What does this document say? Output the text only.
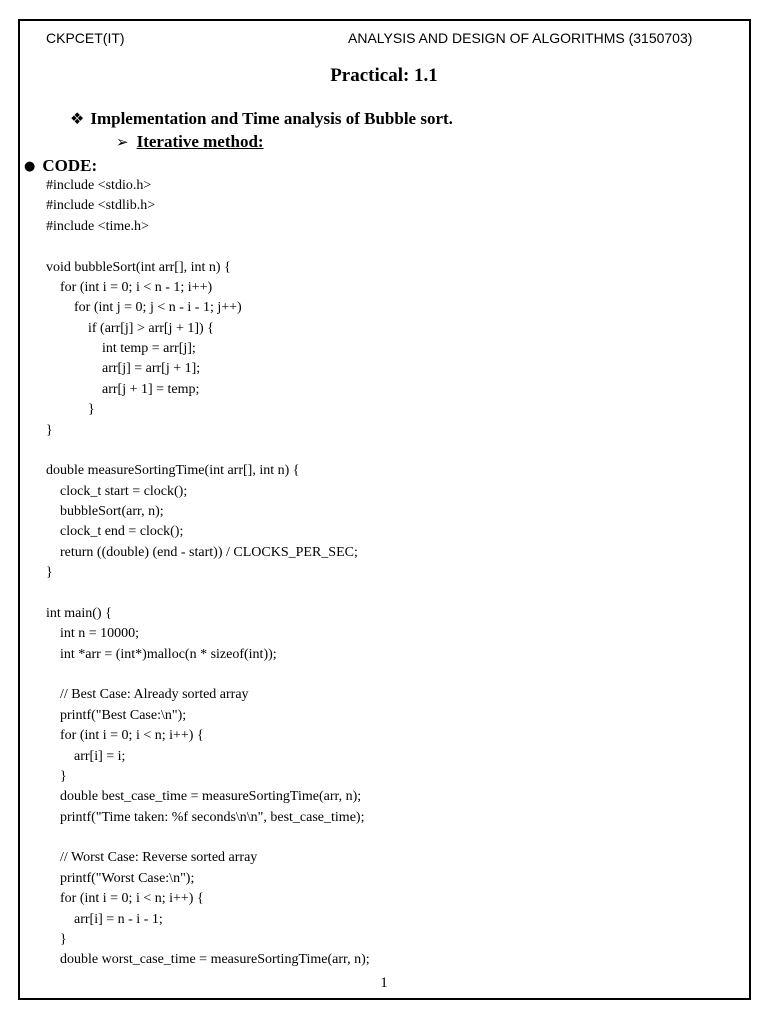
CKPCET(IT)	ANALYSIS AND DESIGN OF ALGORITHMS (3150703)
Practical: 1.1
❖ Implementation and Time analysis of Bubble sort.
➢ Iterative method:
● CODE:
#include <stdio.h>
#include <stdlib.h>
#include <time.h>

void bubbleSort(int arr[], int n) {
for (int i = 0; i < n - 1; i++)
for (int j = 0; j < n - i - 1; j++)
if (arr[j] > arr[j + 1]) {
int temp = arr[j];
arr[j] = arr[j + 1];
arr[j + 1] = temp;
}
}

double measureSortingTime(int arr[], int n) {
clock_t start = clock();
bubbleSort(arr, n);
clock_t end = clock();
return ((double) (end - start)) / CLOCKS_PER_SEC;
}

int main() {
int n = 10000;
int *arr = (int*)malloc(n * sizeof(int));

// Best Case: Already sorted array
printf("Best Case:\n");
for (int i = 0; i < n; i++) {
arr[i] = i;
}
double best_case_time = measureSortingTime(arr, n);
printf("Time taken: %f seconds\n\n", best_case_time);

// Worst Case: Reverse sorted array
printf("Worst Case:\n");
for (int i = 0; i < n; i++) {
arr[i] = n - i - 1;
}
double worst_case_time = measureSortingTime(arr, n);
1
